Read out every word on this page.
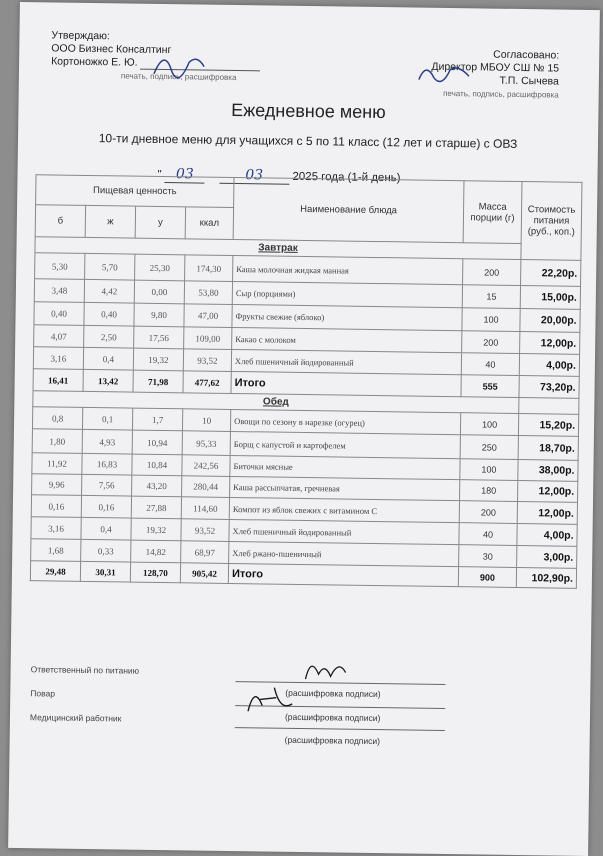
Утверждаю:
ООО Бизнес Консалтинг
Кортоножко Е. Ю.
печать, подпись, расшифровка
Согласовано:
Директор МБОУ СШ № 15
Т.П. Сычева
печать, подпись, расшифровка
Ежедневное меню
10-ти дневное меню для учащихся с 5 по 11 класс (12 лет и старше) с ОВЗ
" 03	03	2025 года (1-й день)
Пищевая ценность				Наименование блюда	Масса порции (г)	Стоимость питания (руб., коп.)
б	ж	у	ккал			
Завтрак						
5,30	5,70	25,30	174,30	Каша молочная жидкая манная	200	22,20р.
3,48	4,42	0,00	53,80	Сыр (порциями)	15	15,00р.
0,40	0,40	9,80	47,00	Фрукты свежие (яблоко)	100	20,00р.
4,07	2,50	17,56	109,00	Какао с молоком	200	12,00р.
3,16	0,4	19,32	93,52	Хлеб пшеничный йодированный	40	4,00р.
16,41	13,42	71,98	477,62	Итого	555	73,20р.
Обед						
0,8	0,1	1,7	10	Овощи по сезону в нарезке (огурец)	100	15,20р.
1,80	4,93	10,94	95,33	Борщ с капустой и картофелем	250	18,70р.
11,92	16,83	10,84	242,56	Биточки мясные	100	38,00р.
9,96	7,56	43,20	280,44	Каша рассыпчатая, гречневая	180	12,00р.
0,16	0,16	27,88	114,60	Компот из яблок свежих с витамином С	200	12,00р.
3,16	0,4	19,32	93,52	Хлеб пшеничный йодированный	40	4,00р.
1,68	0,33	14,82	68,97	Хлеб ржано-пшеничный	30	3,00р.
29,48	30,31	128,70	905,42	Итого	900	102,90р.
Ответственный по питанию
Повар
Медицинский работник
(расшифровка подписи)
(расшифровка подписи)
(расшифровка подписи)
